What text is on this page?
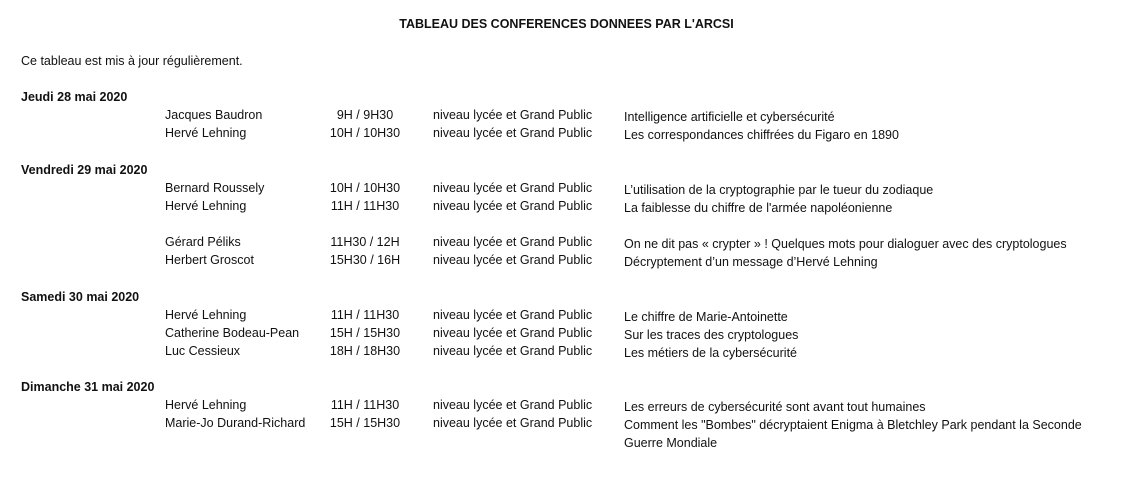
TABLEAU DES CONFERENCES DONNEES PAR L'ARCSI
Ce tableau est mis à jour régulièrement.
Jeudi 28 mai 2020
Jacques Baudron	9H / 9H30	niveau lycée et Grand Public	Intelligence artificielle et cybersécurité
Hervé Lehning	10H / 10H30	niveau lycée et Grand Public	Les correspondances chiffrées du Figaro en 1890
Vendredi 29 mai 2020
Bernard Roussely	10H / 10H30	niveau lycée et Grand Public	L’utilisation de la cryptographie par le tueur du zodiaque
Hervé Lehning	11H / 11H30	niveau lycée et Grand Public	La faiblesse du chiffre de l'armée napoléonienne
Gérard Péliks	11H30 / 12H	niveau lycée et Grand Public	On ne dit pas « crypter » ! Quelques mots pour dialoguer avec des cryptologues
Herbert Groscot	15H30 / 16H	niveau lycée et Grand Public	Décryptement d’un message d’Hervé Lehning
Samedi 30 mai 2020
Hervé Lehning	11H / 11H30	niveau lycée et Grand Public	Le chiffre de Marie-Antoinette
Catherine Bodeau-Pean	15H / 15H30	niveau lycée et Grand Public	Sur les traces des cryptologues
Luc Cessieux	18H / 18H30	niveau lycée et Grand Public	Les métiers de la cybersécurité
Dimanche 31 mai 2020
Hervé Lehning	11H / 11H30	niveau lycée et Grand Public	Les erreurs de cybersécurité sont avant tout humaines
Marie-Jo Durand-Richard	15H / 15H30	niveau lycée et Grand Public	Comment les "Bombes" décryptaient Enigma à Bletchley Park pendant la Seconde Guerre Mondiale
